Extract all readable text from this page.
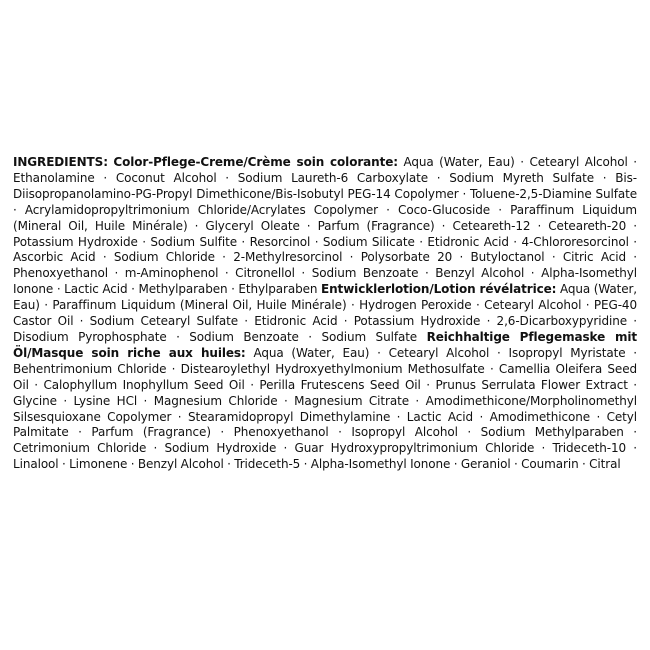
INGREDIENTS: Color-Pflege-Creme/Crème soin colorante: Aqua (Water, Eau) · Cetearyl Alcohol · Ethanolamine · Coconut Alcohol · Sodium Laureth-6 Carboxylate · Sodium Myreth Sulfate · Bis-Diisopropanolamino-PG-Propyl Dimethicone/Bis-Isobutyl PEG-14 Copolymer · Toluene-2,5-Diamine Sulfate · Acrylamidopropyltrimonium Chloride/Acrylates Copolymer · Coco-Glucoside · Paraffinum Liquidum (Mineral Oil, Huile Minérale) · Glyceryl Oleate · Parfum (Fragrance) · Ceteareth-12 · Ceteareth-20 · Potassium Hydroxide · Sodium Sulfite · Resorcinol · Sodium Silicate · Etidronic Acid · 4-Chlororesorcinol · Ascorbic Acid · Sodium Chloride · 2-Methylresorcinol · Polysorbate 20 · Butyloctanol · Citric Acid · Phenoxyethanol · m-Aminophenol · Citronellol · Sodium Benzoate · Benzyl Alcohol · Alpha-Isomethyl Ionone · Lactic Acid · Methylparaben · Ethylparaben Entwicklerlotion/Lotion révélatrice: Aqua (Water, Eau) · Paraffinum Liquidum (Mineral Oil, Huile Minérale) · Hydrogen Peroxide · Cetearyl Alcohol · PEG-40 Castor Oil · Sodium Cetearyl Sulfate · Etidronic Acid · Potassium Hydroxide · 2,6-Dicarboxypyridine · Disodium Pyrophosphate · Sodium Benzoate · Sodium Sulfate Reichhaltige Pflegemaske mit Öl/Masque soin riche aux huiles: Aqua (Water, Eau) · Cetearyl Alcohol · Isopropyl Myristate · Behentrimonium Chloride · Distearoylethyl Hydroxyethylmonium Methosulfate · Camellia Oleifera Seed Oil · Calophyllum Inophyllum Seed Oil · Perilla Frutescens Seed Oil · Prunus Serrulata Flower Extract · Glycine · Lysine HCl · Magnesium Chloride · Magnesium Citrate · Amodimethicone/Morpholinomethyl Silsesquioxane Copolymer · Stearamidopropyl Dimethylamine · Lactic Acid · Amodimethicone · Cetyl Palmitate · Parfum (Fragrance) · Phenoxyethanol · Isopropyl Alcohol · Sodium Methylparaben · Cetrimonium Chloride · Sodium Hydroxide · Guar Hydroxypropyltrimonium Chloride · Trideceth-10 · Linalool · Limonene · Benzyl Alcohol · Trideceth-5 · Alpha-Isomethyl Ionone · Geraniol · Coumarin · Citral
